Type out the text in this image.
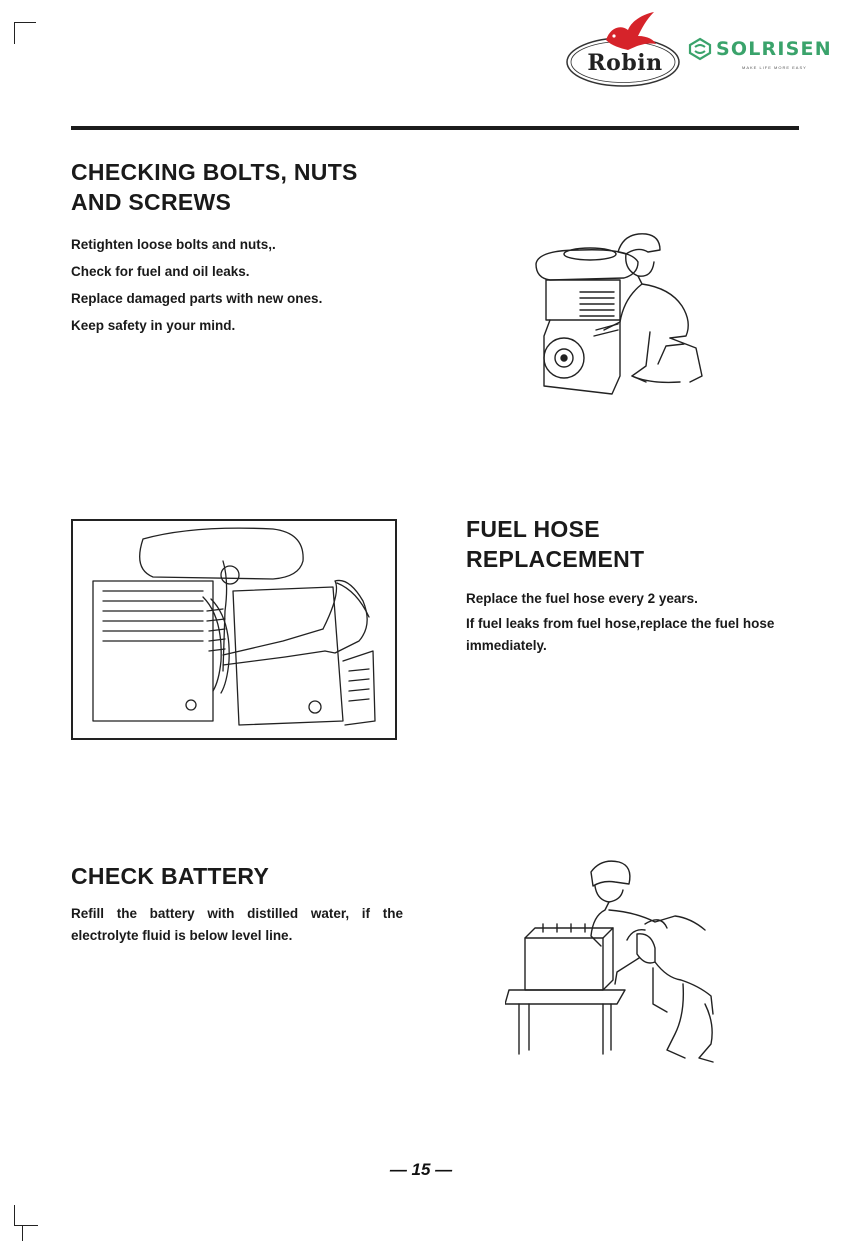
Robin
SOLRISEN
MAKE LIFE MORE EASY
CHECKING BOLTS, NUTS
AND SCREWS

Retighten loose bolts and nuts,.

Check for fuel and oil leaks.

Replace damaged parts with new ones.

Keep safety in your mind.

FUEL HOSE
REPLACEMENT

Replace the fuel hose every 2 years.

If fuel leaks from fuel hose,replace the fuel hose immediately.

CHECK BATTERY

Refill the battery with distilled water, if the electrolyte fluid is below level line.

— 15 —
